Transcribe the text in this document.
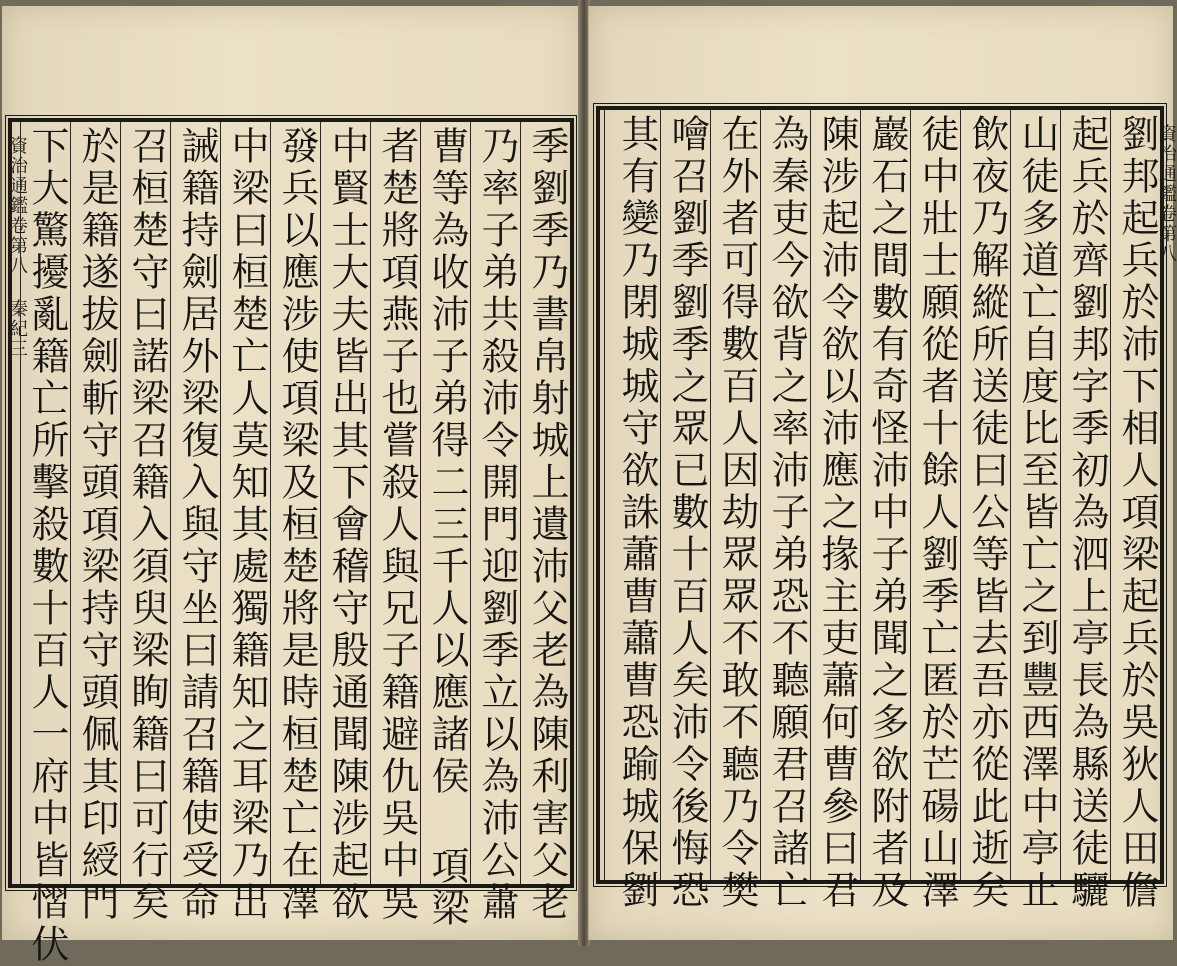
資治通鑑卷第八 秦紀三	資治通鑑卷第八
季劉季乃書帛射城上遺沛父老為陳利害父老
乃率子弟共殺沛令開門迎劉季立以為沛公蕭
曹等為收沛子弟得二三千人以應諸侯 項梁
者楚將項燕子也嘗殺人與兄子籍避仇吳中吳
中賢士大夫皆出其下會稽守殷通聞陳涉起欲
發兵以應涉使項梁及桓楚將是時桓楚亡在澤
中梁曰桓楚亡人莫知其處獨籍知之耳梁乃出
誡籍持劍居外梁復入與守坐曰請召籍使受命
召桓楚守曰諾梁召籍入須臾梁眴籍曰可行矣
於是籍遂拔劍斬守頭項梁持守頭佩其印綬門
下大驚擾亂籍亡所擊殺數十百人一府中皆慴伏	劉邦起兵於沛下相人項梁起兵於吳狄人田儋
起兵於齊劉邦字季初為泗上亭長為縣送徒驪
山徒多道亡自度比至皆亡之到豐西澤中亭止
飲夜乃解縱所送徒曰公等皆去吾亦從此逝矣
徒中壯士願從者十餘人劉季亡匿於芒碭山澤
巖石之間數有奇怪沛中子弟聞之多欲附者及
陳涉起沛令欲以沛應之掾主吏蕭何曹參曰君
為秦吏今欲背之率沛子弟恐不聽願君召諸亡
在外者可得數百人因劫眾眾不敢不聽乃令樊
噲召劉季劉季之眾已數十百人矣沛令後悔恐
其有變乃閉城城守欲誅蕭曹蕭曹恐踰城保劉
